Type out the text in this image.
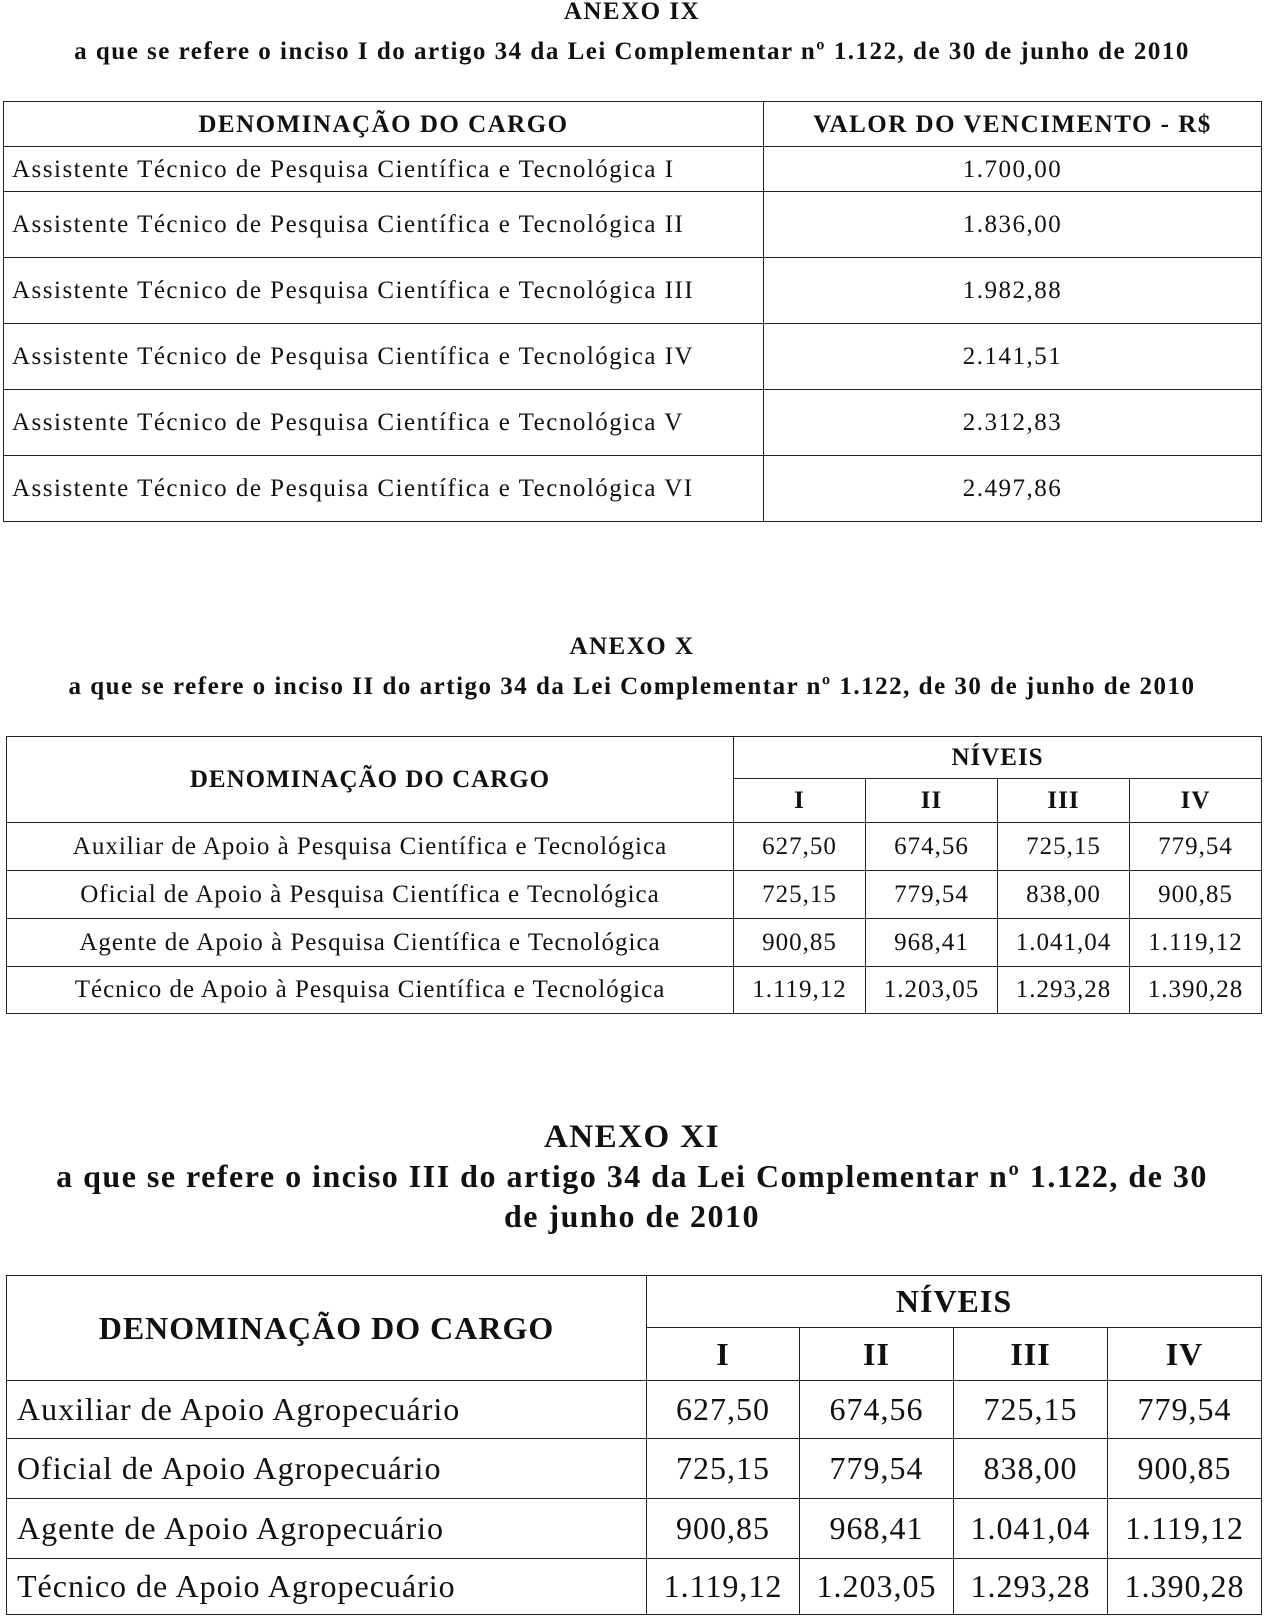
ANEXO IX
a que se refere o inciso I do artigo 34 da Lei Complementar nº 1.122, de 30 de junho de 2010
DENOMINAÇÃO DO CARGO	VALOR DO VENCIMENTO - R$
Assistente Técnico de Pesquisa Científica e Tecnológica I	1.700,00
Assistente Técnico de Pesquisa Científica e Tecnológica II	1.836,00
Assistente Técnico de Pesquisa Científica e Tecnológica III	1.982,88
Assistente Técnico de Pesquisa Científica e Tecnológica IV	2.141,51
Assistente Técnico de Pesquisa Científica e Tecnológica V	2.312,83
Assistente Técnico de Pesquisa Científica e Tecnológica VI	2.497,86
ANEXO X
a que se refere o inciso II do artigo 34 da Lei Complementar nº 1.122, de 30 de junho de 2010
DENOMINAÇÃO DO CARGO	NÍVEIS			
	I	II	III	IV
Auxiliar de Apoio à Pesquisa Científica e Tecnológica	627,50	674,56	725,15	779,54
Oficial de Apoio à Pesquisa Científica e Tecnológica	725,15	779,54	838,00	900,85
Agente de Apoio à Pesquisa Científica e Tecnológica	900,85	968,41	1.041,04	1.119,12
Técnico de Apoio à Pesquisa Científica e Tecnológica	1.119,12	1.203,05	1.293,28	1.390,28
ANEXO XI
a que se refere o inciso III do artigo 34 da Lei Complementar nº 1.122, de 30
de junho de 2010
DENOMINAÇÃO DO CARGO	NÍVEIS			
	I	II	III	IV
Auxiliar de Apoio Agropecuário	627,50	674,56	725,15	779,54
Oficial de Apoio Agropecuário	725,15	779,54	838,00	900,85
Agente de Apoio Agropecuário	900,85	968,41	1.041,04	1.119,12
Técnico de Apoio Agropecuário	1.119,12	1.203,05	1.293,28	1.390,28
